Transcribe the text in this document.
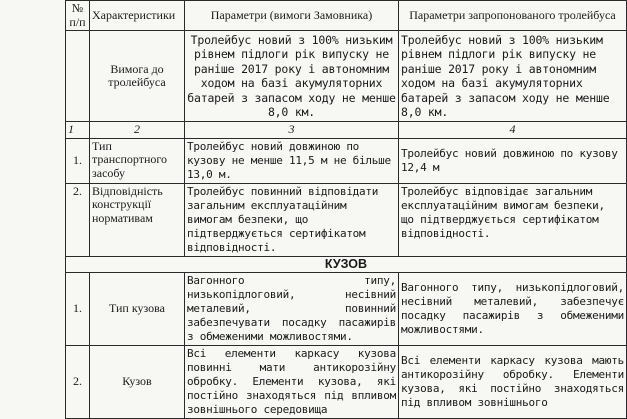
№ п/п	Характеристики	Параметри (вимоги Замовника)	Параметри запропонованого тролейбуса
	Вимога до тролейбуса	Тролейбус новий з 100% низьким рівнем підлоги рік випуску не раніше 2017 року і автономним ходом на базі акумуляторних батарей з запасом ходу не менше 8,0 км.	Тролейбус новий з 100% низьким рівнем підлоги рік випуску не раніше 2017 року і автономним ходом на базі акумуляторних батарей з запасом ходу не менше 8,0 км.
1	2	3	4
1.	Тип транспортного засобу	Тролейбус новий довжиною по кузову не менше 11,5 м не більше 13,0 м.	Тролейбус новий довжиною по кузову 12,4 м
2.	Відповідність конструкції нормативам	Тролейбус повинний відповідати загальним експлуатаційним вимогам безпеки, що підтверджується сертифікатом відповідності.	Тролейбус відповідає загальним експлуатаційним вимогам безпеки, що підтверджується сертифікатом відповідності.
КУЗОВ			
1.	Тип кузова	Вагонного типу, низькопідлоговий, несівний металевий, повинний забезпечувати посадку пасажирів з обмеженими можливостями.	Вагонного типу, низькопідлоговий, несівний металевий, забезпечує посадку пасажирів з обмеженими можливостями.
2.	Кузов	Всі елементи каркасу кузова повинні мати антикорозійну обробку. Елементи кузова, які постійно знаходяться під впливом зовнішнього середовища	Всі елементи каркасу кузова мають антикорозійну обробку. Елементи кузова, які постійно знаходяться під впливом зовнішнього
